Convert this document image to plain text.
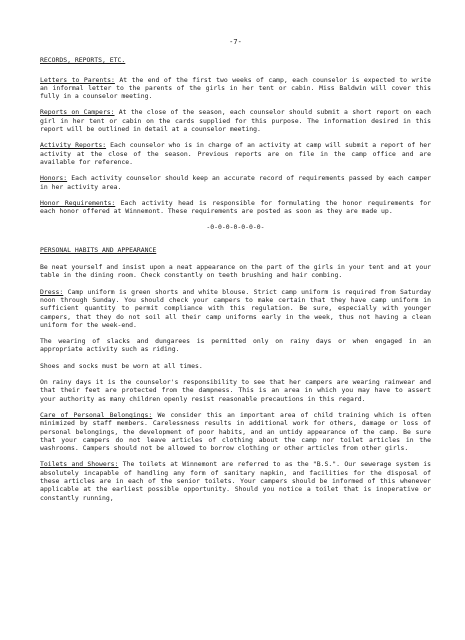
-7-
RECORDS, REPORTS, ETC.

Letters to Parents: At the end of the first two weeks of camp, each counselor is expected to write an informal letter to the parents of the girls in her tent or cabin. Miss Baldwin will cover this fully in a counselor meeting.

Reports on Campers: At the close of the season, each counselor should submit a short report on each girl in her tent or cabin on the cards supplied for this purpose. The information desired in this report will be outlined in detail at a counselor meeting.

Activity Reports: Each counselor who is in charge of an activity at camp will submit a report of her activity at the close of the season. Previous reports are on file in the camp office and are available for reference.

Honors: Each activity counselor should keep an accurate record of requirements passed by each camper in her activity area.

Honor Requirements: Each activity head is responsible for formulating the honor requirements for each honor offered at Winnemont. These requirements are posted as soon as they are made up.

-0-0-0-0-0-0-0-
PERSONAL HABITS AND APPEARANCE

Be neat yourself and insist upon a neat appearance on the part of the girls in your tent and at your table in the dining room. Check constantly on teeth brushing and hair combing.

Dress: Camp uniform is green shorts and white blouse. Strict camp uniform is required from Saturday noon through Sunday. You should check your campers to make certain that they have camp uniform in sufficient quantity to permit compliance with this regulation. Be sure, especially with younger campers, that they do not soil all their camp uniforms early in the week, thus not having a clean uniform for the week-end.

The wearing of slacks and dungarees is permitted only on rainy days or when engaged in an appropriate activity such as riding.

Shoes and socks must be worn at all times.

On rainy days it is the counselor's responsibility to see that her campers are wearing rainwear and that their feet are protected from the dampness. This is an area in which you may have to assert your authority as many children openly resist reasonable precautions in this regard.

Care of Personal Belongings: We consider this an important area of child training which is often minimized by staff members. Carelessness results in additional work for others, damage or loss of personal belongings, the development of poor habits, and an untidy appearance of the camp. Be sure that your campers do not leave articles of clothing about the camp nor toilet articles in the washrooms. Campers should not be allowed to borrow clothing or other articles from other girls.

Toilets and Showers: The toilets at Winnemont are referred to as the "B.S.". Our sewerage system is absolutely incapable of handling any form of sanitary napkin, and facilities for the disposal of these articles are in each of the senior toilets. Your campers should be informed of this whenever applicable at the earliest possible opportunity. Should you notice a toilet that is inoperative or constantly running,
